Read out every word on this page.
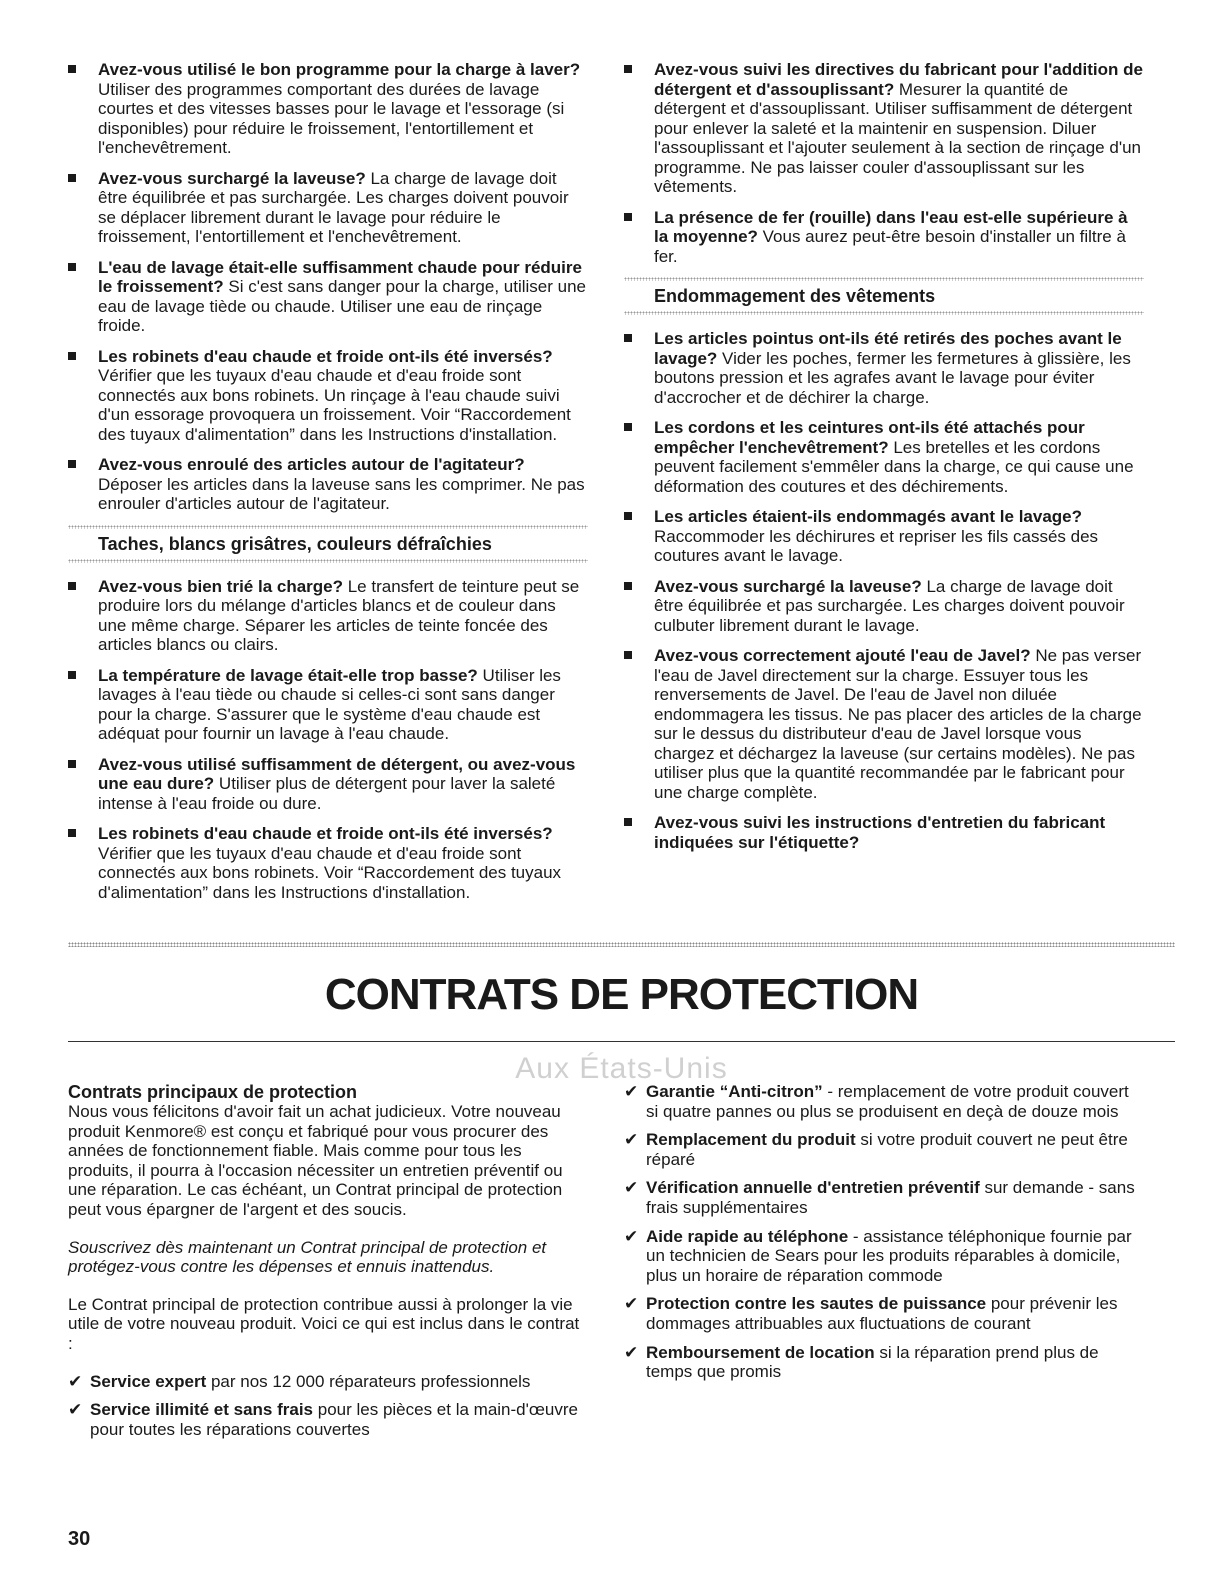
Avez-vous utilisé le bon programme pour la charge à laver? Utiliser des programmes comportant des durées de lavage courtes et des vitesses basses pour le lavage et l'essorage (si disponibles) pour réduire le froissement, l'entortillement et l'enchevêtrement.
Avez-vous surchargé la laveuse? La charge de lavage doit être équilibrée et pas surchargée. Les charges doivent pouvoir se déplacer librement durant le lavage pour réduire le froissement, l'entortillement et l'enchevêtrement.
L'eau de lavage était-elle suffisamment chaude pour réduire le froissement? Si c'est sans danger pour la charge, utiliser une eau de lavage tiède ou chaude. Utiliser une eau de rinçage froide.
Les robinets d'eau chaude et froide ont-ils été inversés? Vérifier que les tuyaux d'eau chaude et d'eau froide sont connectés aux bons robinets. Un rinçage à l'eau chaude suivi d'un essorage provoquera un froissement. Voir “Raccordement des tuyaux d'alimentation” dans les Instructions d'installation.
Avez-vous enroulé des articles autour de l'agitateur? Déposer les articles dans la laveuse sans les comprimer. Ne pas enrouler d'articles autour de l'agitateur.
Taches, blancs grisâtres, couleurs défraîchies
Avez-vous bien trié la charge? Le transfert de teinture peut se produire lors du mélange d'articles blancs et de couleur dans une même charge. Séparer les articles de teinte foncée des articles blancs ou clairs.
La température de lavage était-elle trop basse? Utiliser les lavages à l'eau tiède ou chaude si celles-ci sont sans danger pour la charge. S'assurer que le système d'eau chaude est adéquat pour fournir un lavage à l'eau chaude.
Avez-vous utilisé suffisamment de détergent, ou avez-vous une eau dure? Utiliser plus de détergent pour laver la saleté intense à l'eau froide ou dure.
Les robinets d'eau chaude et froide ont-ils été inversés? Vérifier que les tuyaux d'eau chaude et d'eau froide sont connectés aux bons robinets. Voir “Raccordement des tuyaux d'alimentation” dans les Instructions d'installation.
Avez-vous suivi les directives du fabricant pour l'addition de détergent et d'assouplissant? Mesurer la quantité de détergent et d'assouplissant. Utiliser suffisamment de détergent pour enlever la saleté et la maintenir en suspension. Diluer l'assouplissant et l'ajouter seulement à la section de rinçage d'un programme. Ne pas laisser couler d'assouplissant sur les vêtements.
La présence de fer (rouille) dans l'eau est-elle supérieure à la moyenne? Vous aurez peut-être besoin d'installer un filtre à fer.
Endommagement des vêtements
Les articles pointus ont-ils été retirés des poches avant le lavage? Vider les poches, fermer les fermetures à glissière, les boutons pression et les agrafes avant le lavage pour éviter d'accrocher et de déchirer la charge.
Les cordons et les ceintures ont-ils été attachés pour empêcher l'enchevêtrement? Les bretelles et les cordons peuvent facilement s'emmêler dans la charge, ce qui cause une déformation des coutures et des déchirements.
Les articles étaient-ils endommagés avant le lavage? Raccommoder les déchirures et repriser les fils cassés des coutures avant le lavage.
Avez-vous surchargé la laveuse? La charge de lavage doit être équilibrée et pas surchargée. Les charges doivent pouvoir culbuter librement durant le lavage.
Avez-vous correctement ajouté l'eau de Javel? Ne pas verser l'eau de Javel directement sur la charge. Essuyer tous les renversements de Javel. De l'eau de Javel non diluée endommagera les tissus. Ne pas placer des articles de la charge sur le dessus du distributeur d'eau de Javel lorsque vous chargez et déchargez la laveuse (sur certains modèles). Ne pas utiliser plus que la quantité recommandée par le fabricant pour une charge complète.
Avez-vous suivi les instructions d'entretien du fabricant indiquées sur l'étiquette?
CONTRATS DE PROTECTION
Aux États-Unis
Contrats principaux de protection
Nous vous félicitons d'avoir fait un achat judicieux. Votre nouveau produit Kenmore® est conçu et fabriqué pour vous procurer des années de fonctionnement fiable. Mais comme pour tous les produits, il pourra à l'occasion nécessiter un entretien préventif ou une réparation. Le cas échéant, un Contrat principal de protection peut vous épargner de l'argent et des soucis.
Souscrivez dès maintenant un Contrat principal de protection et protégez-vous contre les dépenses et ennuis inattendus.
Le Contrat principal de protection contribue aussi à prolonger la vie utile de votre nouveau produit. Voici ce qui est inclus dans le contrat :
✔ Service expert par nos 12 000 réparateurs professionnels
✔ Service illimité et sans frais pour les pièces et la main-d'œuvre pour toutes les réparations couvertes
✔ Garantie “Anti-citron” - remplacement de votre produit couvert si quatre pannes ou plus se produisent en deçà de douze mois
✔ Remplacement du produit si votre produit couvert ne peut être réparé
✔ Vérification annuelle d'entretien préventif sur demande - sans frais supplémentaires
✔ Aide rapide au téléphone - assistance téléphonique fournie par un technicien de Sears pour les produits réparables à domicile, plus un horaire de réparation commode
✔ Protection contre les sautes de puissance pour prévenir les dommages attribuables aux fluctuations de courant
✔ Remboursement de location si la réparation prend plus de temps que promis
30
